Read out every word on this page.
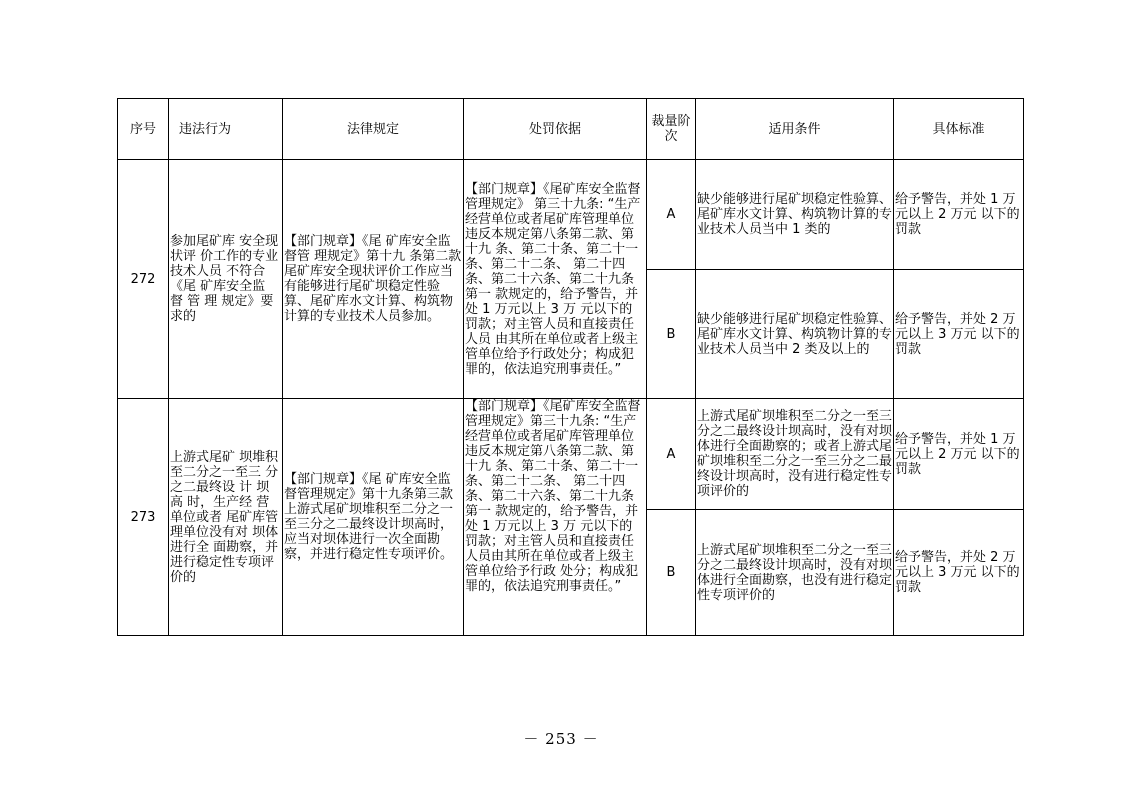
序号	违法行为	法律规定	处罚依据	裁量阶次	适用条件	具体标准
272	参加尾矿库 安全现状评 价工作的专业技术人员 不符合《尾 矿库安全监 督 管 理 规定》要求的	【部门规章】《尾 矿库安全监督管 理规定》第十九 条第二款 尾矿库安全现状评价工作应当有能够进行尾矿坝稳定性验算、尾矿库水文计算、构筑物计算的专业技术人员参加。	【部门规章】《尾矿库安全监督管理规定》 第三十九条: “生产经营单位或者尾矿库管理单位违反本规定第八条第二款、第十九 条、第二十条、第二十一条、第二十二条、 第二十四条、第二十六条、第二十九条第一 款规定的，给予警告，并处 1 万元以上 3 万 元以下的罚款；对主管人员和直接责任人员 由其所在单位或者上级主管单位给予行政处分；构成犯罪的，依法追究刑事责任。”	A	缺少能够进行尾矿坝稳定性验算、 尾矿库水文计算、构筑物计算的专 业技术人员当中 1 类的	给予警告，并处 1 万元以上 2 万元 以下的罚款
				B	缺少能够进行尾矿坝稳定性验算、 尾矿库水文计算、构筑物计算的专 业技术人员当中 2 类及以上的	给予警告，并处 2 万元以上 3 万元 以下的罚款
273	上游式尾矿 坝堆积至二分之一至三 分之二最终设 计 坝 高 时，生产经 营单位或者 尾矿库管理单位没有对 坝体进行全 面勘察，并 进行稳定性专项评价的	【部门规章】《尾 矿库安全监督管理规定》第十九条第三款 上游式尾矿坝堆积至二分之一至三分之二最终设计坝高时，应当对坝体进行一次全面勘察，并进行稳定性专项评价。	【部门规章】《尾矿库安全监督管理规定》第三十九条: “生产经营单位或者尾矿库管理单位违反本规定第八条第二款、第十九 条、第二十条、第二十一条、第二十二条、 第二十四条、第二十六条、第二十九条第一 款规定的，给予警告，并处 1 万元以上 3 万 元以下的罚款；对主管人员和直接责任人员由其所在单位或者上级主管单位给予行政 处分；构成犯罪的，依法追究刑事责任。”	A	上游式尾矿坝堆积至二分之一至三 分之二最终设计坝高时，没有对坝体进行全面勘察的；或者上游式尾 矿坝堆积至二分之一至三分之二最 终设计坝高时，没有进行稳定性专项评价的	给予警告，并处 1 万元以上 2 万元 以下的罚款
				B	上游式尾矿坝堆积至二分之一至三 分之二最终设计坝高时，没有对坝 体进行全面勘察，也没有进行稳定性专项评价的	给予警告，并处 2 万元以上 3 万元 以下的罚款
－ 253 －
